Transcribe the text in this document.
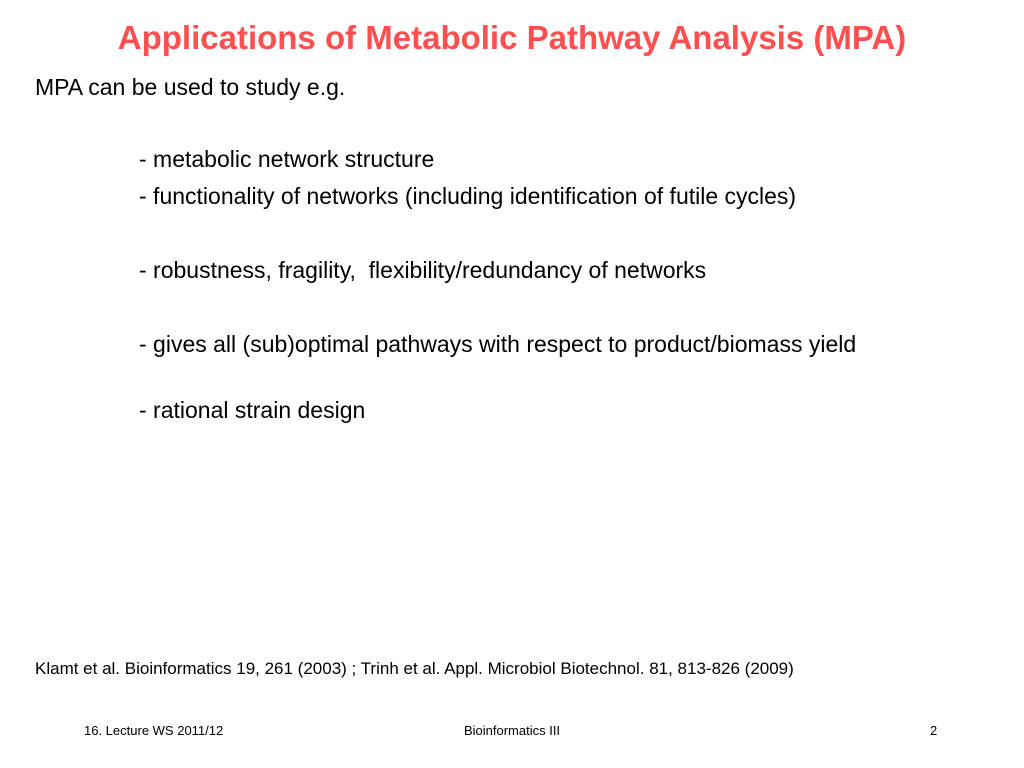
Applications of Metabolic Pathway Analysis (MPA)
MPA can be used to study e.g.
- metabolic network structure
- functionality of networks (including identification of futile cycles)
- robustness, fragility,  flexibility/redundancy of networks
- gives all (sub)optimal pathways with respect to product/biomass yield
- rational strain design
Klamt et al. Bioinformatics 19, 261 (2003) ; Trinh et al. Appl. Microbiol Biotechnol. 81, 813-826 (2009)
16. Lecture WS 2011/12	Bioinformatics III	2
